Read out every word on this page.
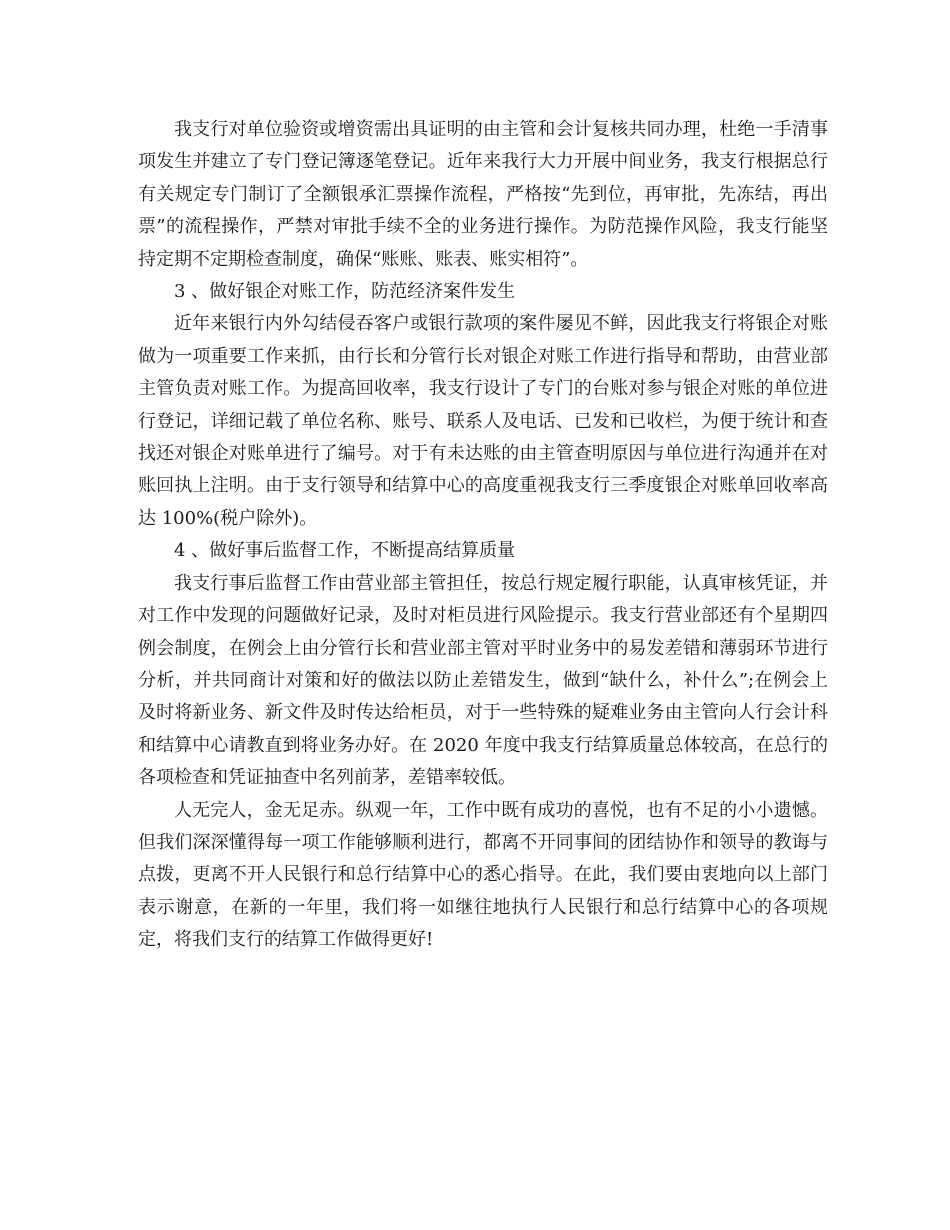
我支行对单位验资或增资需出具证明的由主管和会计复核共同办理，杜绝一手清事项发生并建立了专门登记簿逐笔登记。近年来我行大力开展中间业务，我支行根据总行有关规定专门制订了全额银承汇票操作流程，严格按“先到位，再审批，先冻结，再出票”的流程操作，严禁对审批手续不全的业务进行操作。为防范操作风险，我支行能坚持定期不定期检查制度，确保“账账、账表、账实相符”。

3 、做好银企对账工作，防范经济案件发生

近年来银行内外勾结侵吞客户或银行款项的案件屡见不鲜，因此我支行将银企对账做为一项重要工作来抓，由行长和分管行长对银企对账工作进行指导和帮助，由营业部主管负责对账工作。为提高回收率，我支行设计了专门的台账对参与银企对账的单位进行登记，详细记载了单位名称、账号、联系人及电话、已发和已收栏，为便于统计和查找还对银企对账单进行了编号。对于有未达账的由主管查明原因与单位进行沟通并在对账回执上注明。由于支行领导和结算中心的高度重视我支行三季度银企对账单回收率高达 100%(税户除外)。

4 、做好事后监督工作，不断提高结算质量

我支行事后监督工作由营业部主管担任，按总行规定履行职能，认真审核凭证，并对工作中发现的问题做好记录，及时对柜员进行风险提示。我支行营业部还有个星期四例会制度，在例会上由分管行长和营业部主管对平时业务中的易发差错和薄弱环节进行分析，并共同商计对策和好的做法以防止差错发生，做到“缺什么，补什么”;在例会上及时将新业务、新文件及时传达给柜员，对于一些特殊的疑难业务由主管向人行会计科和结算中心请教直到将业务办好。在 2020 年度中我支行结算质量总体较高，在总行的各项检查和凭证抽查中名列前茅，差错率较低。

人无完人，金无足赤。纵观一年，工作中既有成功的喜悦，也有不足的小小遗憾。但我们深深懂得每一项工作能够顺利进行，都离不开同事间的团结协作和领导的教诲与点拨，更离不开人民银行和总行结算中心的悉心指导。在此，我们要由衷地向以上部门表示谢意，在新的一年里，我们将一如继往地执行人民银行和总行结算中心的各项规定，将我们支行的结算工作做得更好!
